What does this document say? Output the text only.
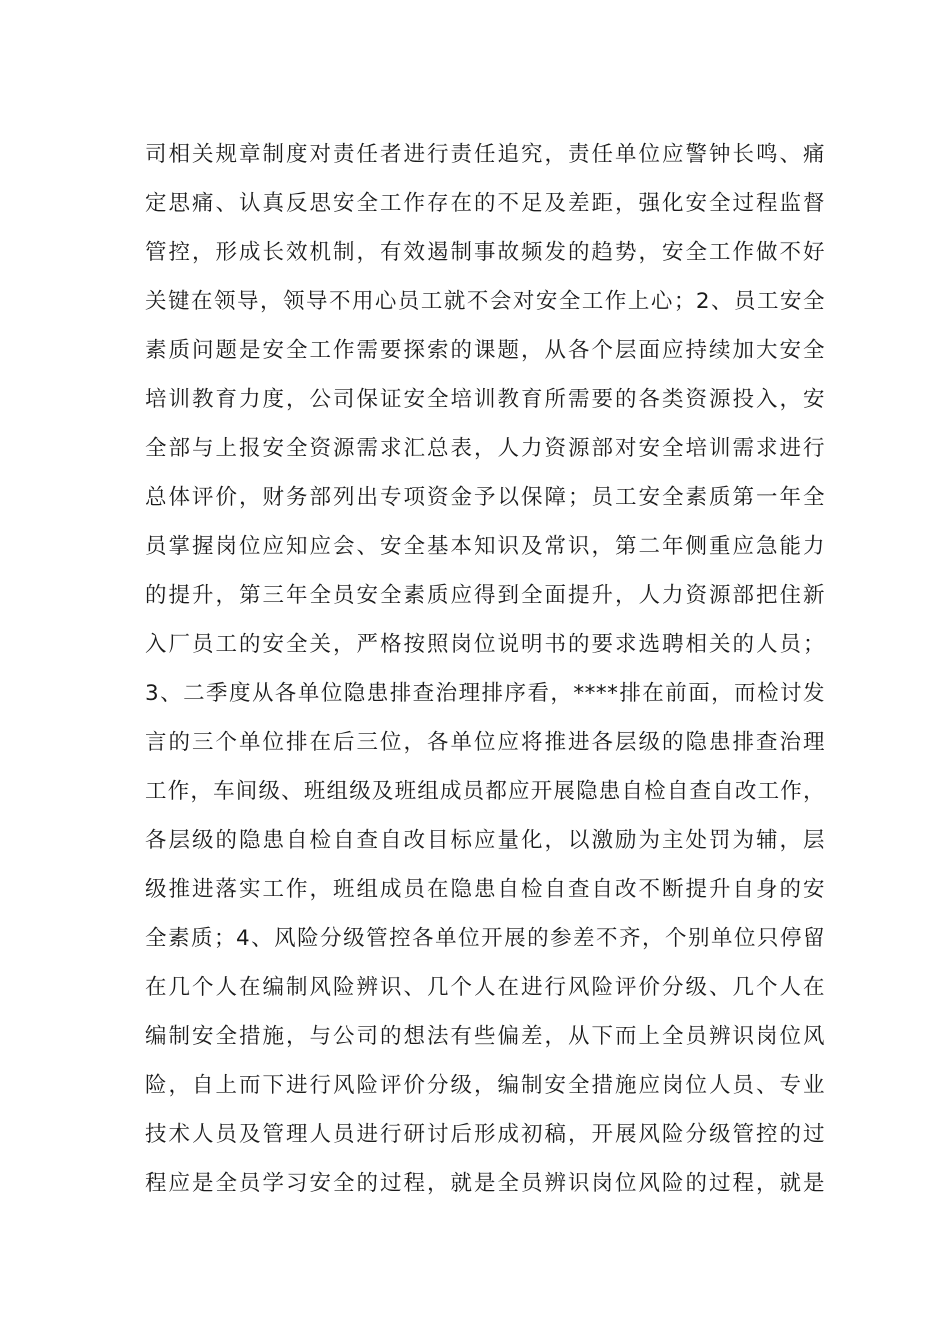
司相关规章制度对责任者进行责任追究，责任单位应警钟长鸣、痛
定思痛、认真反思安全工作存在的不足及差距，强化安全过程监督
管控，形成长效机制，有效遏制事故频发的趋势，安全工作做不好
关键在领导，领导不用心员工就不会对安全工作上心；2、员工安全
素质问题是安全工作需要探索的课题，从各个层面应持续加大安全
培训教育力度，公司保证安全培训教育所需要的各类资源投入，安
全部与上报安全资源需求汇总表，人力资源部对安全培训需求进行
总体评价，财务部列出专项资金予以保障；员工安全素质第一年全
员掌握岗位应知应会、安全基本知识及常识，第二年侧重应急能力
的提升，第三年全员安全素质应得到全面提升，人力资源部把住新
入厂员工的安全关，严格按照岗位说明书的要求选聘相关的人员；
3、二季度从各单位隐患排查治理排序看，****排在前面，而检讨发
言的三个单位排在后三位，各单位应将推进各层级的隐患排查治理
工作，车间级、班组级及班组成员都应开展隐患自检自查自改工作，
各层级的隐患自检自查自改目标应量化，以激励为主处罚为辅，层
级推进落实工作，班组成员在隐患自检自查自改不断提升自身的安
全素质；4、风险分级管控各单位开展的参差不齐，个别单位只停留
在几个人在编制风险辨识、几个人在进行风险评价分级、几个人在
编制安全措施，与公司的想法有些偏差，从下而上全员辨识岗位风
险，自上而下进行风险评价分级，编制安全措施应岗位人员、专业
技术人员及管理人员进行研讨后形成初稿，开展风险分级管控的过
程应是全员学习安全的过程，就是全员辨识岗位风险的过程，就是
